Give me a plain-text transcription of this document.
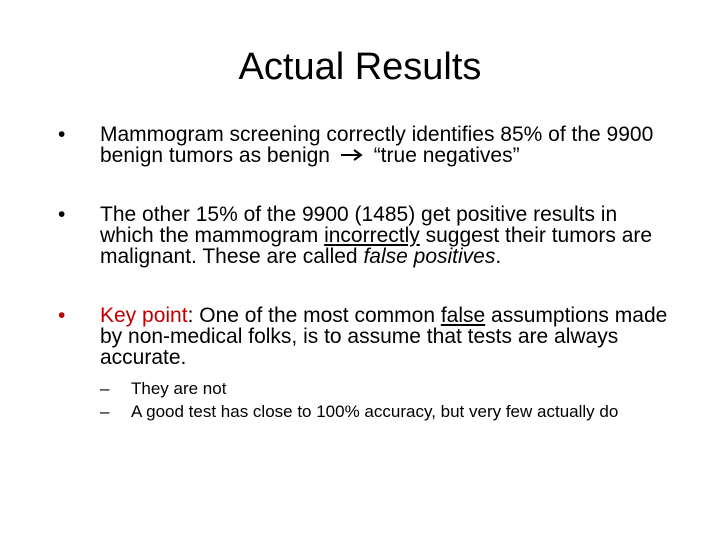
Actual Results
•	Mammogram screening correctly identifies 85% of the 9900 benign tumors as benign “true negatives”
•	The other 15% of the 9900 (1485) get positive results in which the mammogram incorrectly suggest their tumors are malignant. These are called false positives.
•	Key point: One of the most common false assumptions made by non-medical folks, is to assume that tests are always accurate.
– They are not
– A good test has close to 100% accuracy, but very few actually do
